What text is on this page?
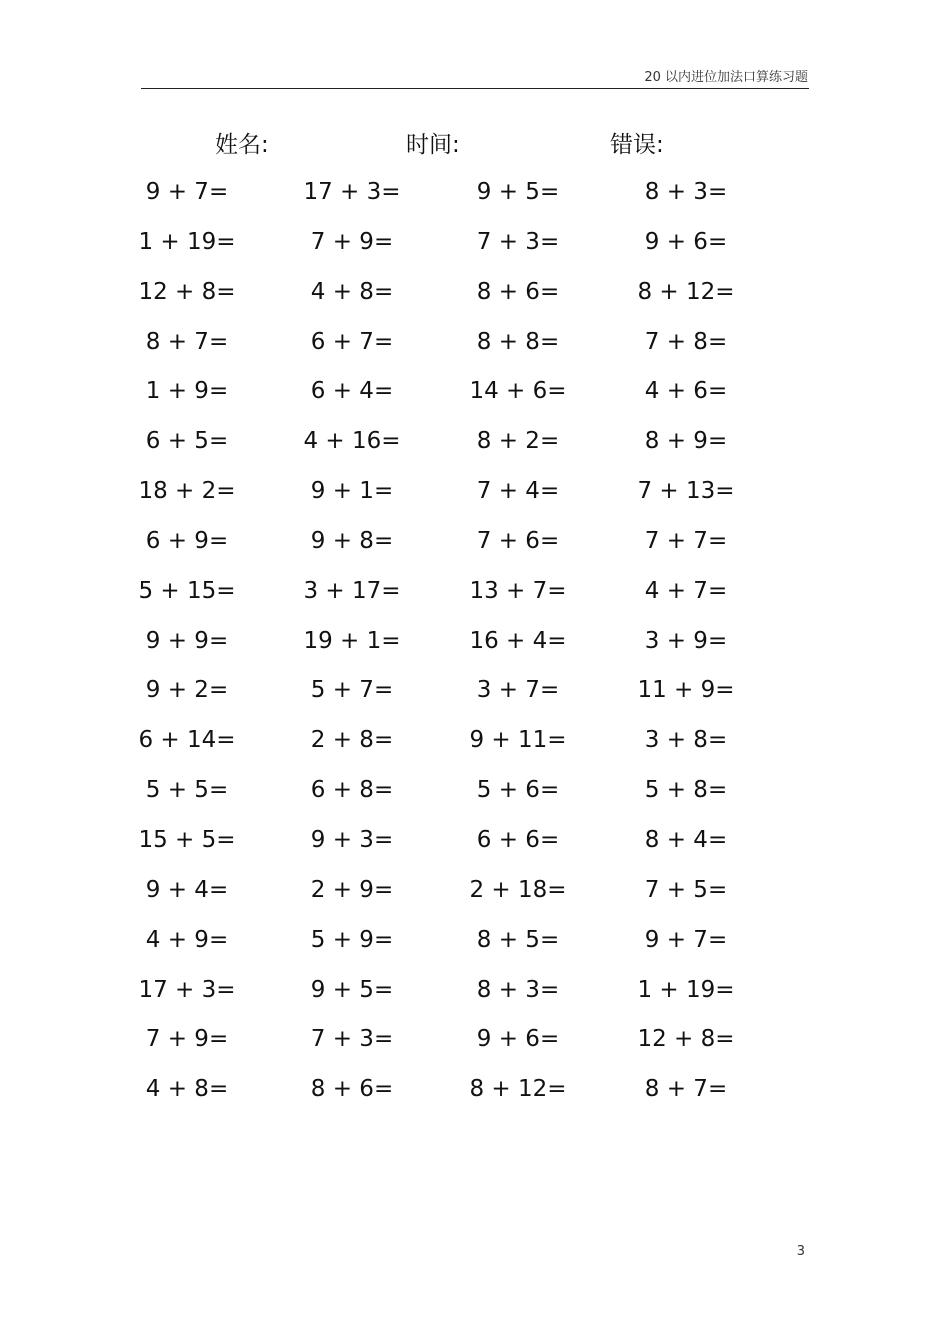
20 以内进位加法口算练习题
姓名:	时间:	错误:
9 + 7=	17 + 3=	9 + 5=	8 + 3=
1 + 19=	7 + 9=	7 + 3=	9 + 6=
12 + 8=	4 + 8=	8 + 6=	8 + 12=
8 + 7=	6 + 7=	8 + 8=	7 + 8=
1 + 9=	6 + 4=	14 + 6=	4 + 6=
6 + 5=	4 + 16=	8 + 2=	8 + 9=
18 + 2=	9 + 1=	7 + 4=	7 + 13=
6 + 9=	9 + 8=	7 + 6=	7 + 7=
5 + 15=	3 + 17=	13 + 7=	4 + 7=
9 + 9=	19 + 1=	16 + 4=	3 + 9=
9 + 2=	5 + 7=	3 + 7=	11 + 9=
6 + 14=	2 + 8=	9 + 11=	3 + 8=
5 + 5=	6 + 8=	5 + 6=	5 + 8=
15 + 5=	9 + 3=	6 + 6=	8 + 4=
9 + 4=	2 + 9=	2 + 18=	7 + 5=
4 + 9=	5 + 9=	8 + 5=	9 + 7=
17 + 3=	9 + 5=	8 + 3=	1 + 19=
7 + 9=	7 + 3=	9 + 6=	12 + 8=
4 + 8=	8 + 6=	8 + 12=	8 + 7=
3
